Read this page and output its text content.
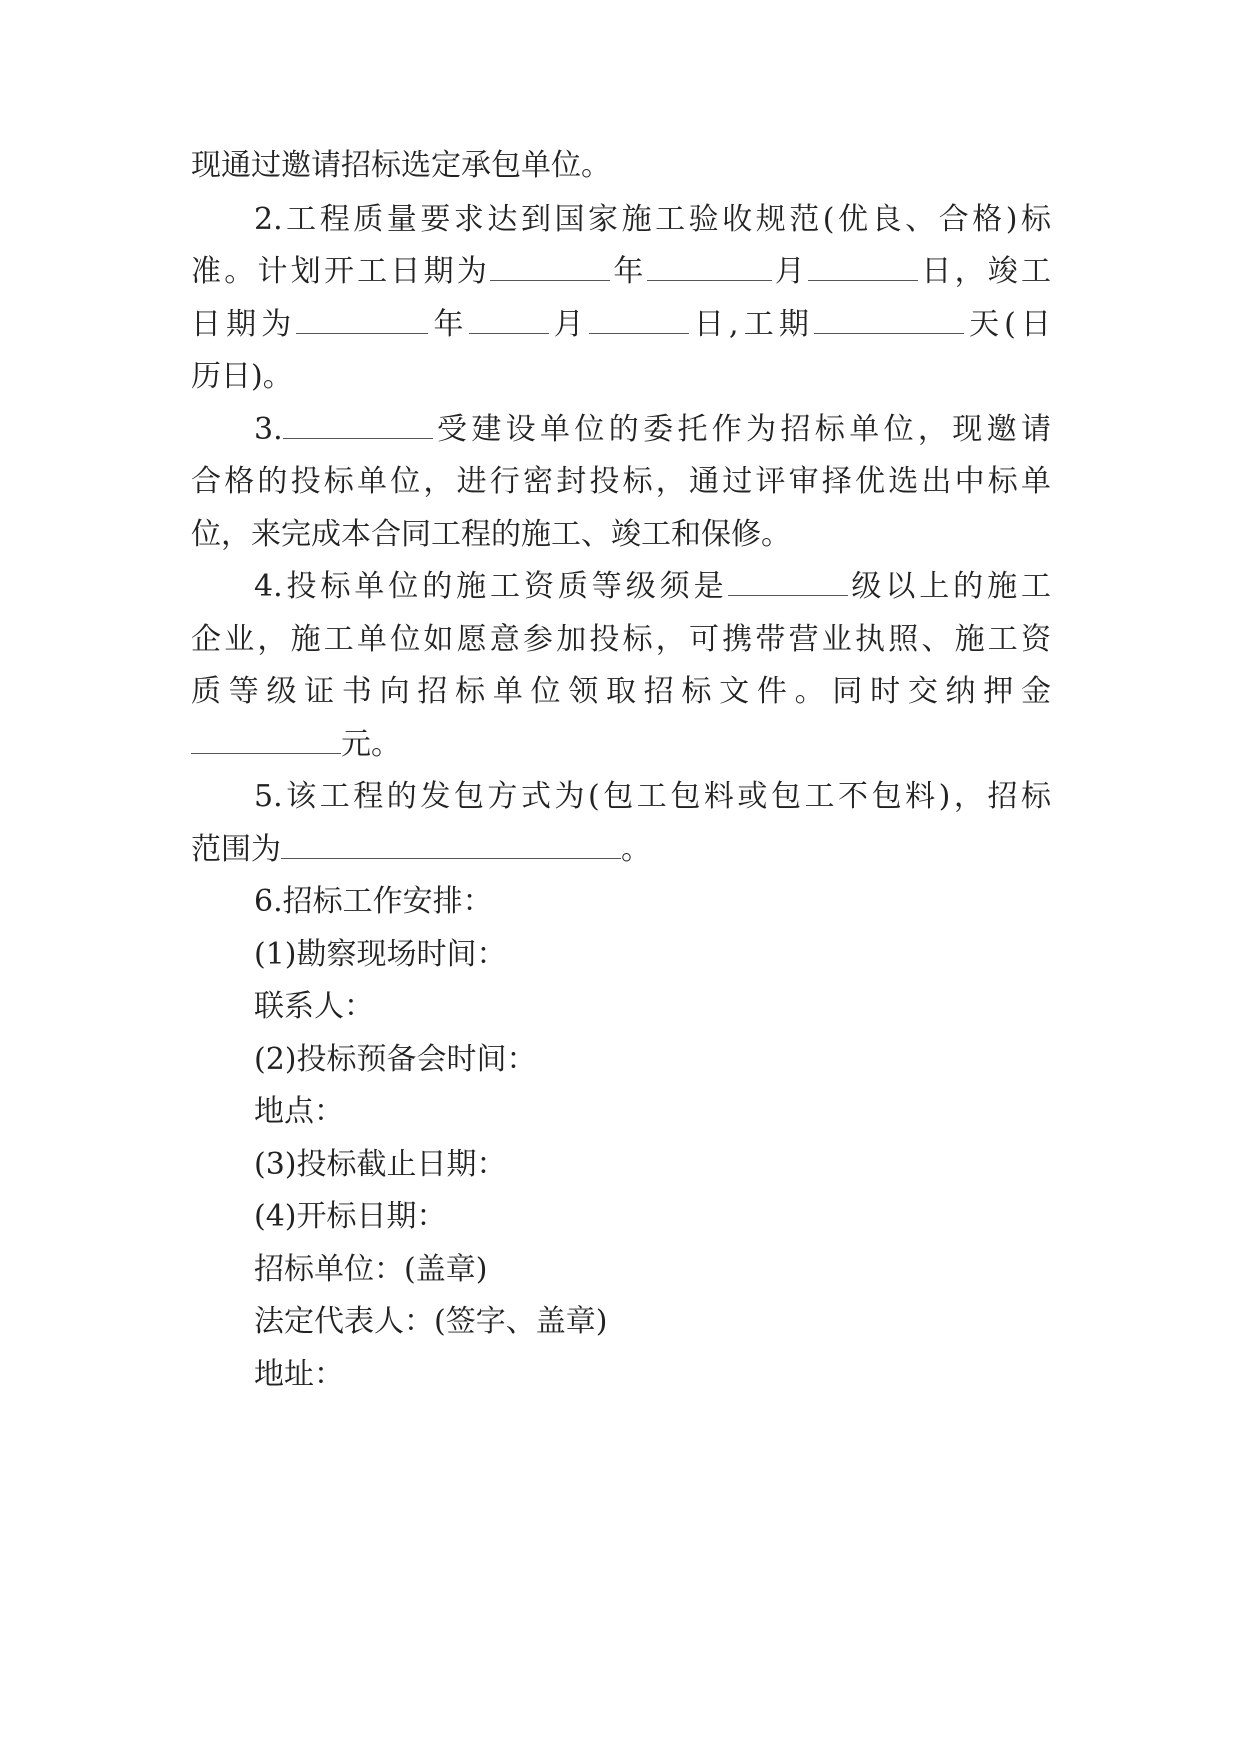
现通过邀请招标选定承包单位。
2.工程质量要求达到国家施工验收规范(优良、合格)标
准。计划开工日期为	年	月	日，竣工
日期为	年	月	日,工期	天(日
历日)。
3.	受建设单位的委托作为招标单位，现邀请
合格的投标单位，进行密封投标，通过评审择优选出中标单
位，来完成本合同工程的施工、竣工和保修。
4.投标单位的施工资质等级须是	级以上的施工
企业，施工单位如愿意参加投标，可携带营业执照、施工资
质等级证书向招标单位领取招标文件。同时交纳押金
元。
5.该工程的发包方式为(包工包料或包工不包料)，招标
范围为	。
6.招标工作安排：
(1)勘察现场时间：
联系人：
(2)投标预备会时间：
地点：
(3)投标截止日期：
(4)开标日期：
招标单位：(盖章)
法定代表人：(签字、盖章)
地址：
